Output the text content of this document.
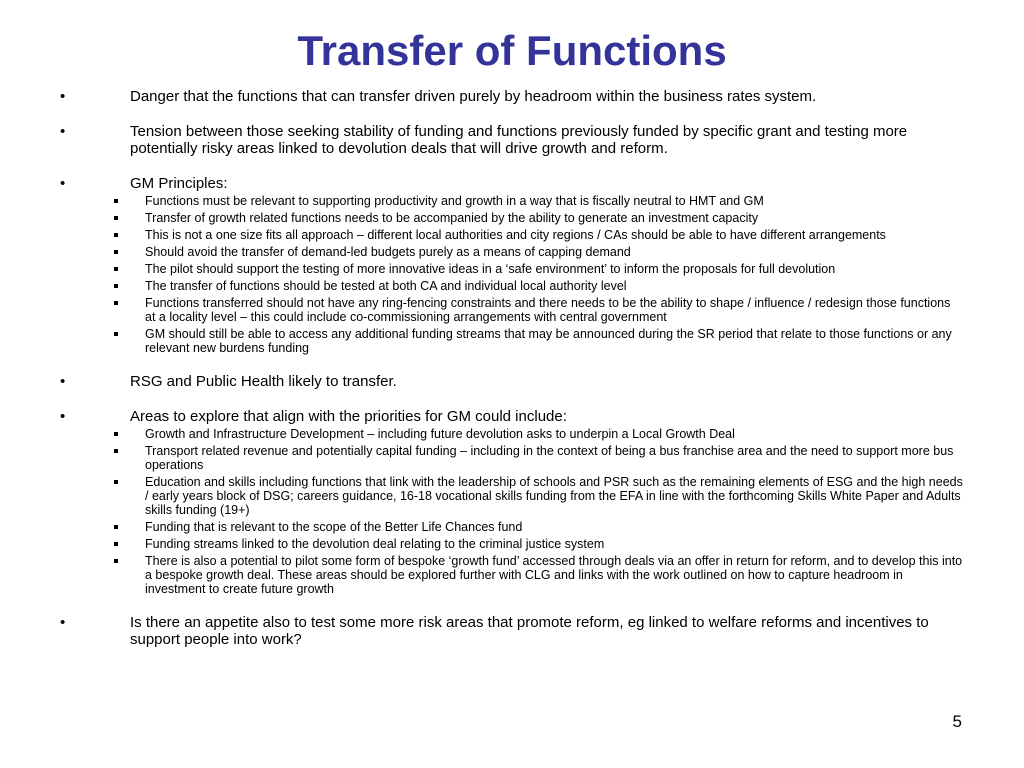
Transfer of Functions
•	Danger that the functions that can transfer driven purely by headroom within the business rates system.
•	Tension between those seeking stability of funding and functions previously funded by specific grant and testing more potentially risky areas linked to devolution deals that will drive growth and reform.
•	GM Principles:
Functions must be relevant to supporting productivity and growth in a way that is fiscally neutral to HMT and GM
Transfer of growth related functions needs to be accompanied by the ability to generate an investment capacity
This is not a one size fits all approach – different local authorities and city regions / CAs should be able to have different arrangements
Should avoid the transfer of demand-led budgets purely as a means of capping demand
The pilot should support the testing of more innovative ideas in a ‘safe environment’ to inform the proposals for full devolution
The transfer of functions should be tested at both CA and individual local authority level
Functions transferred should not have any ring-fencing constraints and there needs to be the ability to shape / influence / redesign those functions at a locality level – this could include co-commissioning arrangements with central government
GM should still be able to access any additional funding streams that may be announced during the SR period that relate to those functions or any relevant new burdens funding
•	RSG and Public Health likely to transfer.
•	Areas to explore that align with the priorities for GM could include:
Growth and Infrastructure Development – including future devolution asks to underpin a Local Growth Deal
Transport related revenue and potentially capital funding – including in the context of being a bus franchise area and the need to support more bus operations
Education and skills including functions that link with the leadership of schools and PSR such as the remaining elements of ESG and the high needs / early years block of DSG; careers guidance, 16-18 vocational skills funding from the EFA in line with the forthcoming Skills White Paper and Adults skills funding (19+)
Funding that is relevant to the scope of the Better Life Chances fund
Funding streams linked to the devolution deal relating to the criminal justice system
There is also a potential to pilot some form of bespoke ‘growth fund’ accessed through deals via an offer in return for reform, and to develop this into a bespoke growth deal. These areas should be explored further with CLG and links with the work outlined on how to capture headroom in investment to create future growth
•	Is there an appetite also to test some more risk areas that promote reform, eg linked to welfare reforms and incentives to support people into work?
5
